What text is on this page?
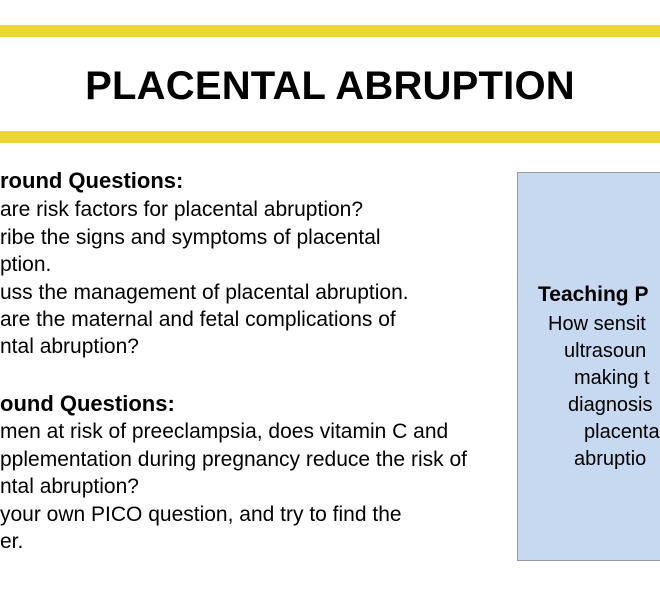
PLACENTAL ABRUPTION
round Questions:
are risk factors for placental abruption?
ribe the signs and symptoms of placental
ption.
uss the management of placental abruption.
are the maternal and fetal complications of
ntal abruption?
ound Questions:
men at risk of preeclampsia, does vitamin C and
pplementation during pregnancy reduce the risk of
ntal abruption?
your own PICO question, and try to find the
er.
Teaching P
How sensit
ultrasoun
making t
diagnosis
placenta
abruptio
